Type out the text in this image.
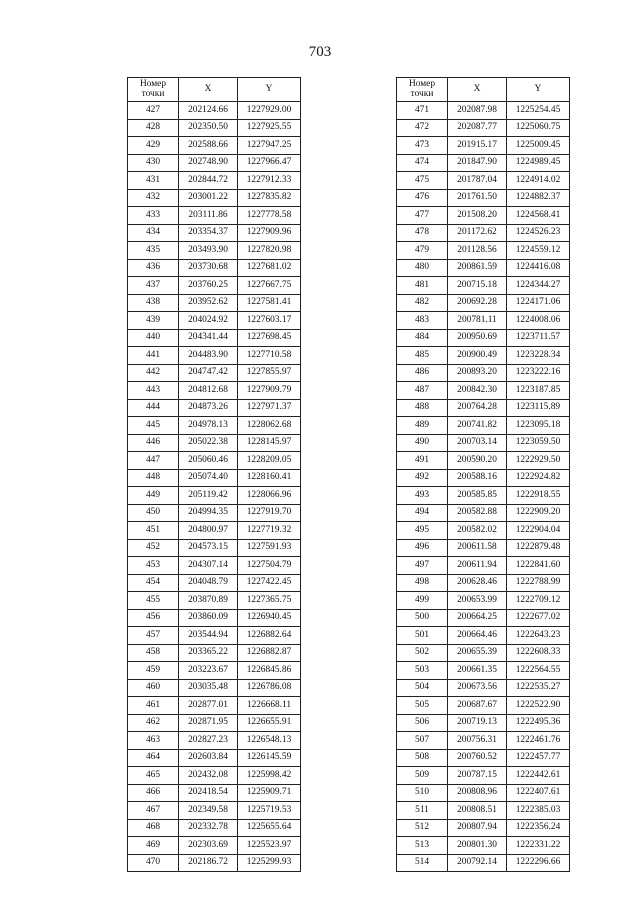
703
Номер
точки	X	Y
427	202124.66	1227929.00
428	202350.50	1227925.55
429	202588.66	1227947.25
430	202748.90	1227966.47
431	202844.72	1227912.33
432	203001.22	1227835.82
433	203111.86	1227778.58
434	203354.37	1227909.96
435	203493.90	1227820.98
436	203730.68	1227681.02
437	203760.25	1227667.75
438	203952.62	1227581.41
439	204024.92	1227603.17
440	204341.44	1227698.45
441	204483.90	1227710.58
442	204747.42	1227855.97
443	204812.68	1227909.79
444	204873.26	1227971.37
445	204978.13	1228062.68
446	205022.38	1228145.97
447	205060.46	1228209.05
448	205074.40	1228160.41
449	205119.42	1228066.96
450	204994.35	1227919.70
451	204800.97	1227719.32
452	204573.15	1227591.93
453	204307.14	1227504.79
454	204048.79	1227422.45
455	203870.89	1227365.75
456	203860.09	1226940.45
457	203544.94	1226882.64
458	203365.22	1226882.87
459	203223.67	1226845.86
460	203035.48	1226786.08
461	202877.01	1226668.11
462	202871.95	1226655.91
463	202827.23	1226548.13
464	202603.84	1226145.59
465	202432.08	1225998.42
466	202418.54	1225909.71
467	202349.58	1225719.53
468	202332.78	1225655.64
469	202303.69	1225523.97
470	202186.72	1225299.93
Номер
точки	X	Y
471	202087.98	1225254.45
472	202087.77	1225060.75
473	201915.17	1225009.45
474	201847.90	1224989.45
475	201787.04	1224914.02
476	201761.50	1224882.37
477	201508.20	1224568.41
478	201172.62	1224526.23
479	201128.56	1224559.12
480	200861.59	1224416.08
481	200715.18	1224344.27
482	200692.28	1224171.06
483	200781.11	1224008.06
484	200950.69	1223711.57
485	200900.49	1223228.34
486	200893.20	1223222.16
487	200842.30	1223187.85
488	200764.28	1223115.89
489	200741.82	1223095.18
490	200703.14	1223059.50
491	200590.20	1222929.50
492	200588.16	1222924.82
493	200585.85	1222918.55
494	200582.88	1222909.20
495	200582.02	1222904.04
496	200611.58	1222879.48
497	200611.94	1222841.60
498	200628.46	1222788.99
499	200653.99	1222709.12
500	200664.25	1222677.02
501	200664.46	1222643.23
502	200655.39	1222608.33
503	200661.35	1222564.55
504	200673.56	1222535.27
505	200687.67	1222522.90
506	200719.13	1222495.36
507	200756.31	1222461.76
508	200760.52	1222457.77
509	200787.15	1222442.61
510	200808.96	1222407.61
511	200808.51	1222385.03
512	200807.94	1222356.24
513	200801.30	1222331.22
514	200792.14	1222296.66
